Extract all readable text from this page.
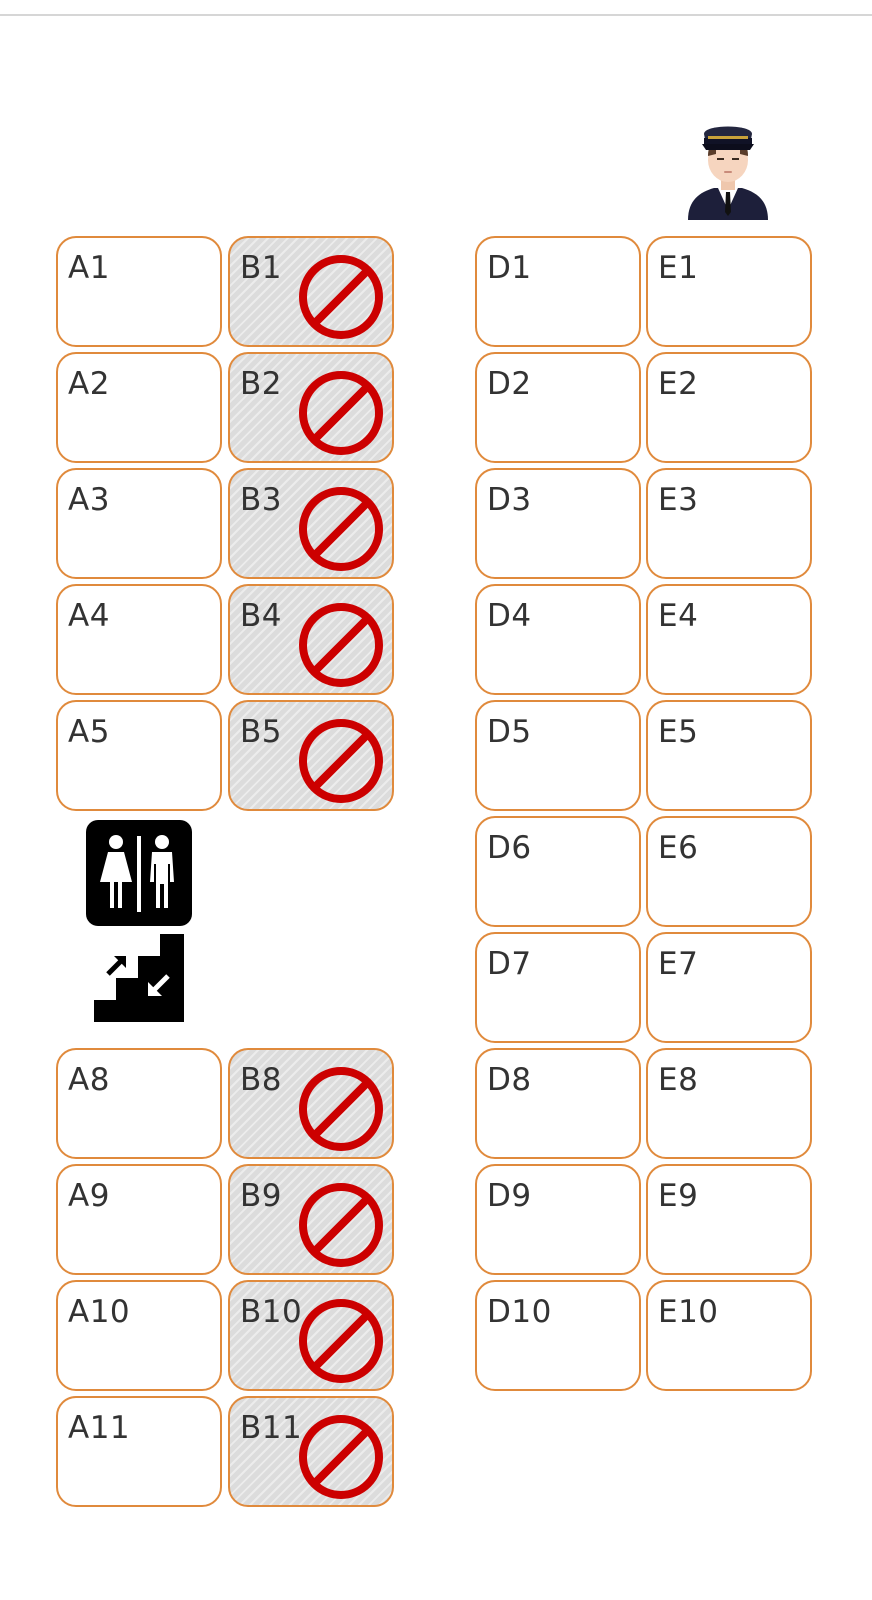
A1	B1	D1	E1
A2	B2	D2	E2
A3	B3	D3	E3
A4	B4	D4	E4
A5	B5	D5	E5
D6	E6
D7	E7
A8	B8	D8	E8
A9	B9	D9	E9
A10	B10	D10	E10
A11	B11
